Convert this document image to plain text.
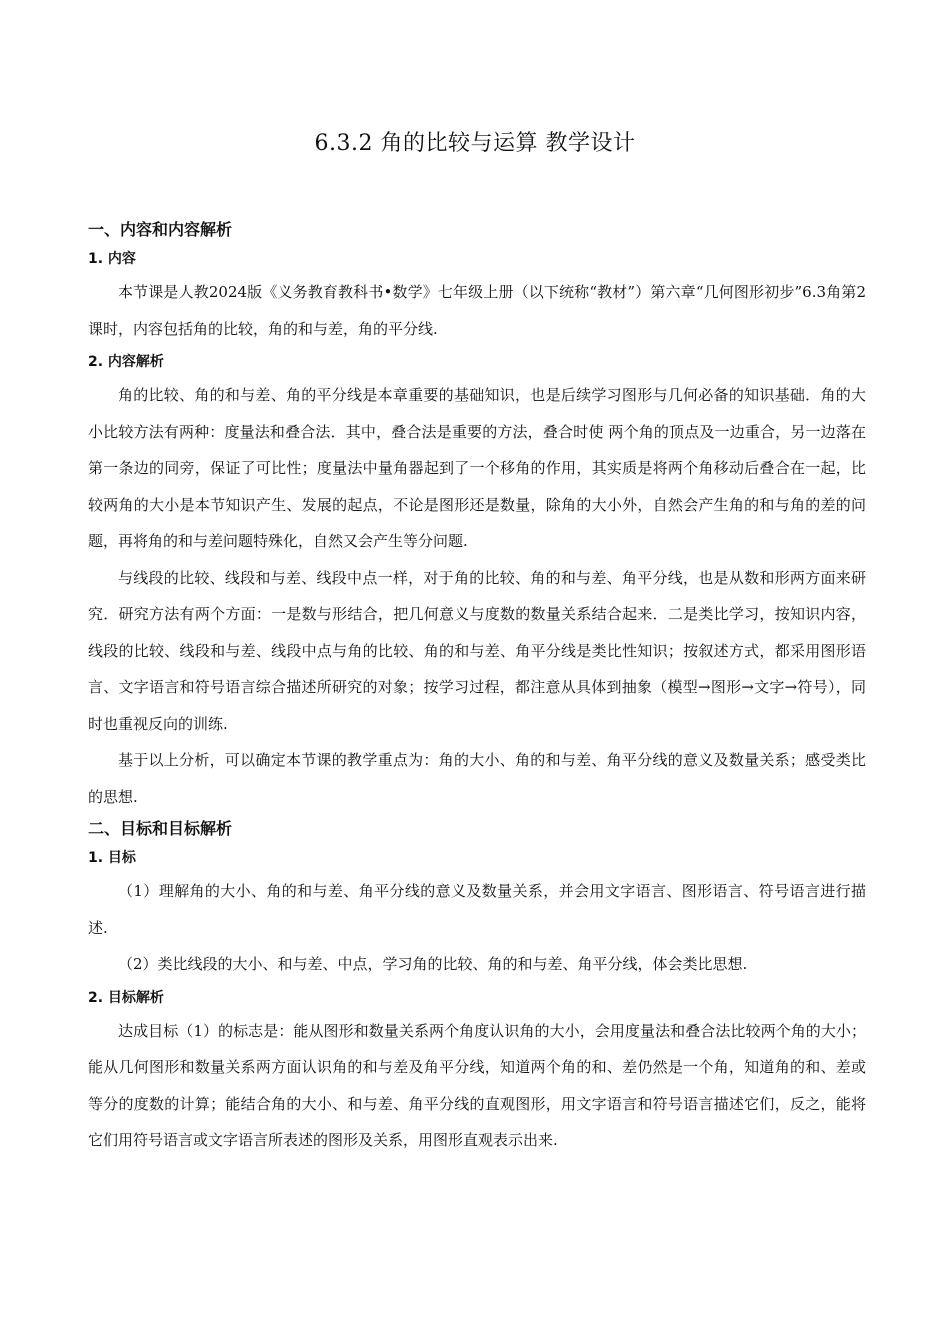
6.3.2 角的比较与运算 教学设计
一、内容和内容解析
1. 内容

本节课是人教2024版《义务教育教科书•数学》七年级上册（以下统称“教材”）第六章“几何图形初步”6.3角第2课时，内容包括角的比较，角的和与差，角的平分线.

2. 内容解析

角的比较、角的和与差、角的平分线是本章重要的基础知识，也是后续学习图形与几何必备的知识基础．角的大小比较方法有两种：度量法和叠合法．其中，叠合法是重要的方法，叠合时使 两个角的顶点及一边重合，另一边落在第一条边的同旁，保证了可比性；度量法中量角器起到了一个移角的作用，其实质是将两个角移动后叠合在一起，比较两角的大小是本节知识产生、发展的起点，不论是图形还是数量，除角的大小外，自然会产生角的和与角的差的问题，再将角的和与差问题特殊化，自然又会产生等分问题.

与线段的比较、线段和与差、线段中点一样，对于角的比较、角的和与差、角平分线，也是从数和形两方面来研究．研究方法有两个方面：一是数与形结合，把几何意义与度数的数量关系结合起来．二是类比学习，按知识内容，线段的比较、线段和与差、线段中点与角的比较、角的和与差、角平分线是类比性知识；按叙述方式，都采用图形语言、文字语言和符号语言综合描述所研究的对象；按学习过程，都注意从具体到抽象（模型→图形→文字→符号），同时也重视反向的训练.

基于以上分析，可以确定本节课的教学重点为：角的大小、角的和与差、角平分线的意义及数量关系；感受类比的思想.

二、目标和目标解析
1. 目标

（1）理解角的大小、角的和与差、角平分线的意义及数量关系，并会用文字语言、图形语言、符号语言进行描述.

（2）类比线段的大小、和与差、中点，学习角的比较、角的和与差、角平分线，体会类比思想.

2. 目标解析

达成目标（1）的标志是：能从图形和数量关系两个角度认识角的大小，会用度量法和叠合法比较两个角的大小；能从几何图形和数量关系两方面认识角的和与差及角平分线，知道两个角的和、差仍然是一个角，知道角的和、差或等分的度数的计算；能结合角的大小、和与差、角平分线的直观图形，用文字语言和符号语言描述它们，反之，能将它们用符号语言或文字语言所表述的图形及关系，用图形直观表示出来.
